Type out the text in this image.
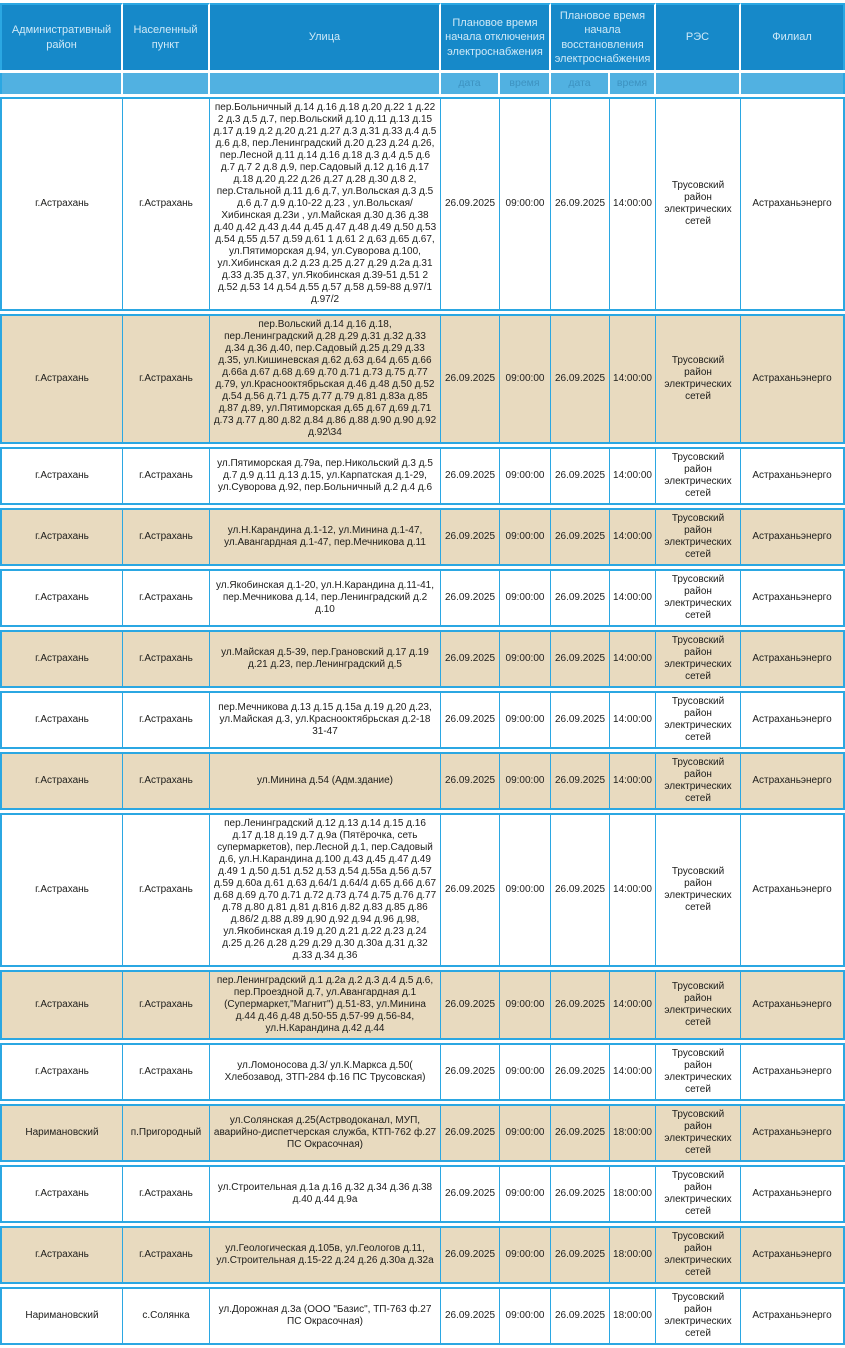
Административный район	Населенный пункт	Улица	Плановое время начала отключения электроснабжения		Плановое время начала восстановления электроснабжения		РЭС	Филиал
			дата	время	дата	время		
г.Астрахань	г.Астрахань	пер.Больничный д.14 д.16 д.18 д.20 д.22 1 д.22 2 д.3 д.5 д.7, пер.Вольский д.10 д.11 д.13 д.15 д.17 д.19 д.2 д.20 д.21 д.27 д.3 д.31 д.33 д.4 д.5 д.6 д.8, пер.Ленинградский д.20 д.23 д.24 д.26, пер.Лесной д.11 д.14 д.16 д.18 д.3 д.4 д.5 д.6 д.7 д.7 2 д.8 д.9, пер.Садовый д.12 д.16 д.17 д.18 д.20 д.22 д.26 д.27 д.28 д.30 д.8 2, пер.Стальной д.11 д.6 д.7, ул.Вольская д.3 д.5 д.6 д.7 д.9 д.10-22 д.23 , ул.Вольская/Хибинская д.23и , ул.Майская д.30 д.36 д.38 д.40 д.42 д.43 д.44 д.45 д.47 д.48 д.49 д.50 д.53 д.54 д.55 д.57 д.59 д.61 1 д.61 2 д.63 д.65 д.67, ул.Пятиморская д.94, ул.Суворова д.100, ул.Хибинская д.2 д.23 д.25 д.27 д.29 д.2а д.31 д.33 д.35 д.37, ул.Якобинская д.39-51 д.51 2 д.52 д.53 14 д.54 д.55 д.57 д.58 д.59-88 д.97/1 д.97/2	26.09.2025	09:00:00	26.09.2025	14:00:00	Трусовский район электрических сетей	Астраханьэнерго
г.Астрахань	г.Астрахань	пер.Вольский д.14 д.16 д.18, пер.Ленинградский д.28 д.29 д.31 д.32 д.33 д.34 д.36 д.40, пер.Садовый д.25 д.29 д.33 д.35, ул.Кишиневская д.62 д.63 д.64 д.65 д.66 д.66а д.67 д.68 д.69 д.70 д.71 д.73 д.75 д.77 д.79, ул.Краснооктябрьская д.46 д.48 д.50 д.52 д.54 д.56 д.71 д.75 д.77 д.79 д.81 д.83а д.85 д.87 д.89, ул.Пятиморская д.65 д.67 д.69 д.71 д.73 д.77 д.80 д.82 д.84 д.86 д.88 д.90 д.90 д.92 д.92\34	26.09.2025	09:00:00	26.09.2025	14:00:00	Трусовский район электрических сетей	Астраханьэнерго
г.Астрахань	г.Астрахань	ул.Пятиморская д.79а, пер.Никольский д.3 д.5 д.7 д.9 д.11 д.13 д.15, ул.Карпатская д.1-29, ул.Суворова д.92, пер.Больничный д.2 д.4 д.6	26.09.2025	09:00:00	26.09.2025	14:00:00	Трусовский район электрических сетей	Астраханьэнерго
г.Астрахань	г.Астрахань	ул.Н.Карандина д.1-12, ул.Минина д.1-47, ул.Авангардная д.1-47, пер.Мечникова д.11	26.09.2025	09:00:00	26.09.2025	14:00:00	Трусовский район электрических сетей	Астраханьэнерго
г.Астрахань	г.Астрахань	ул.Якобинская д.1-20, ул.Н.Карандина д.11-41, пер.Мечникова д.14, пер.Ленинградский д.2 д.10	26.09.2025	09:00:00	26.09.2025	14:00:00	Трусовский район электрических сетей	Астраханьэнерго
г.Астрахань	г.Астрахань	ул.Майская д.5-39, пер.Грановский д.17 д.19 д.21 д.23, пер.Ленинградский д.5	26.09.2025	09:00:00	26.09.2025	14:00:00	Трусовский район электрических сетей	Астраханьэнерго
г.Астрахань	г.Астрахань	пер.Мечникова д.13 д.15 д.15а д.19 д.20 д.23, ул.Майская д.3, ул.Краснооктябрьская д.2-18 31-47	26.09.2025	09:00:00	26.09.2025	14:00:00	Трусовский район электрических сетей	Астраханьэнерго
г.Астрахань	г.Астрахань	ул.Минина д.54 (Адм.здание)	26.09.2025	09:00:00	26.09.2025	14:00:00	Трусовский район электрических сетей	Астраханьэнерго
г.Астрахань	г.Астрахань	пер.Ленинградский д.12 д.13 д.14 д.15 д.16 д.17 д.18 д.19 д.7 д.9а (Пятёрочка, сеть супермаркетов), пер.Лесной д.1, пер.Садовый д.6, ул.Н.Карандина д.100 д.43 д.45 д.47 д.49 д.49 1 д.50 д.51 д.52 д.53 д.54 д.55а д.56 д.57 д.59 д.60а д.61 д.63 д.64/1 д.64/4 д.65 д.66 д.67 д.68 д.69 д.70 д.71 д.72 д.73 д.74 д.75 д.76 д.77 д.78 д.80 д.81 д.81 д.816 д.82 д.83 д.85 д.86 д.86/2 д.88 д.89 д.90 д.92 д.94 д.96 д.98, ул.Якобинская д.19 д.20 д.21 д.22 д.23 д.24 д.25 д.26 д.28 д.29 д.29 д.30 д.30а д.31 д.32 д.33 д.34 д.36	26.09.2025	09:00:00	26.09.2025	14:00:00	Трусовский район электрических сетей	Астраханьэнерго
г.Астрахань	г.Астрахань	пер.Ленинградский д.1 д.2а д.2 д.3 д.4 д.5 д.6, пер.Проездной д.7, ул.Авангардная д.1 (Супермаркет,"Магнит") д.51-83, ул.Минина д.44 д.46 д.48 д.50-55 д.57-99 д.56-84, ул.Н.Карандина д.42 д.44	26.09.2025	09:00:00	26.09.2025	14:00:00	Трусовский район электрических сетей	Астраханьэнерго
г.Астрахань	г.Астрахань	ул.Ломоносова д.3/ ул.К.Маркса д.50( Хлебозавод, ЗТП-284 ф.16 ПС Трусовская)	26.09.2025	09:00:00	26.09.2025	14:00:00	Трусовский район электрических сетей	Астраханьэнерго
Наримановский	п.Пригородный	ул.Солянская д.25(Астрводоканал, МУП, аварийно-диспетчерская служба, КТП-762 ф.27 ПС Окрасочная)	26.09.2025	09:00:00	26.09.2025	18:00:00	Трусовский район электрических сетей	Астраханьэнерго
г.Астрахань	г.Астрахань	ул.Строительная д.1а д.16 д.32 д.34 д.36 д.38 д.40 д.44 д.9а	26.09.2025	09:00:00	26.09.2025	18:00:00	Трусовский район электрических сетей	Астраханьэнерго
г.Астрахань	г.Астрахань	ул.Геологическая д.105в, ул.Геологов д.11, ул.Строительная д.15-22 д.24 д.26 д.30а д.32а	26.09.2025	09:00:00	26.09.2025	18:00:00	Трусовский район электрических сетей	Астраханьэнерго
Наримановский	с.Солянка	ул.Дорожная д.3а (ООО "Базис", ТП-763 ф.27 ПС Окрасочная)	26.09.2025	09:00:00	26.09.2025	18:00:00	Трусовский район электрических сетей	Астраханьэнерго
